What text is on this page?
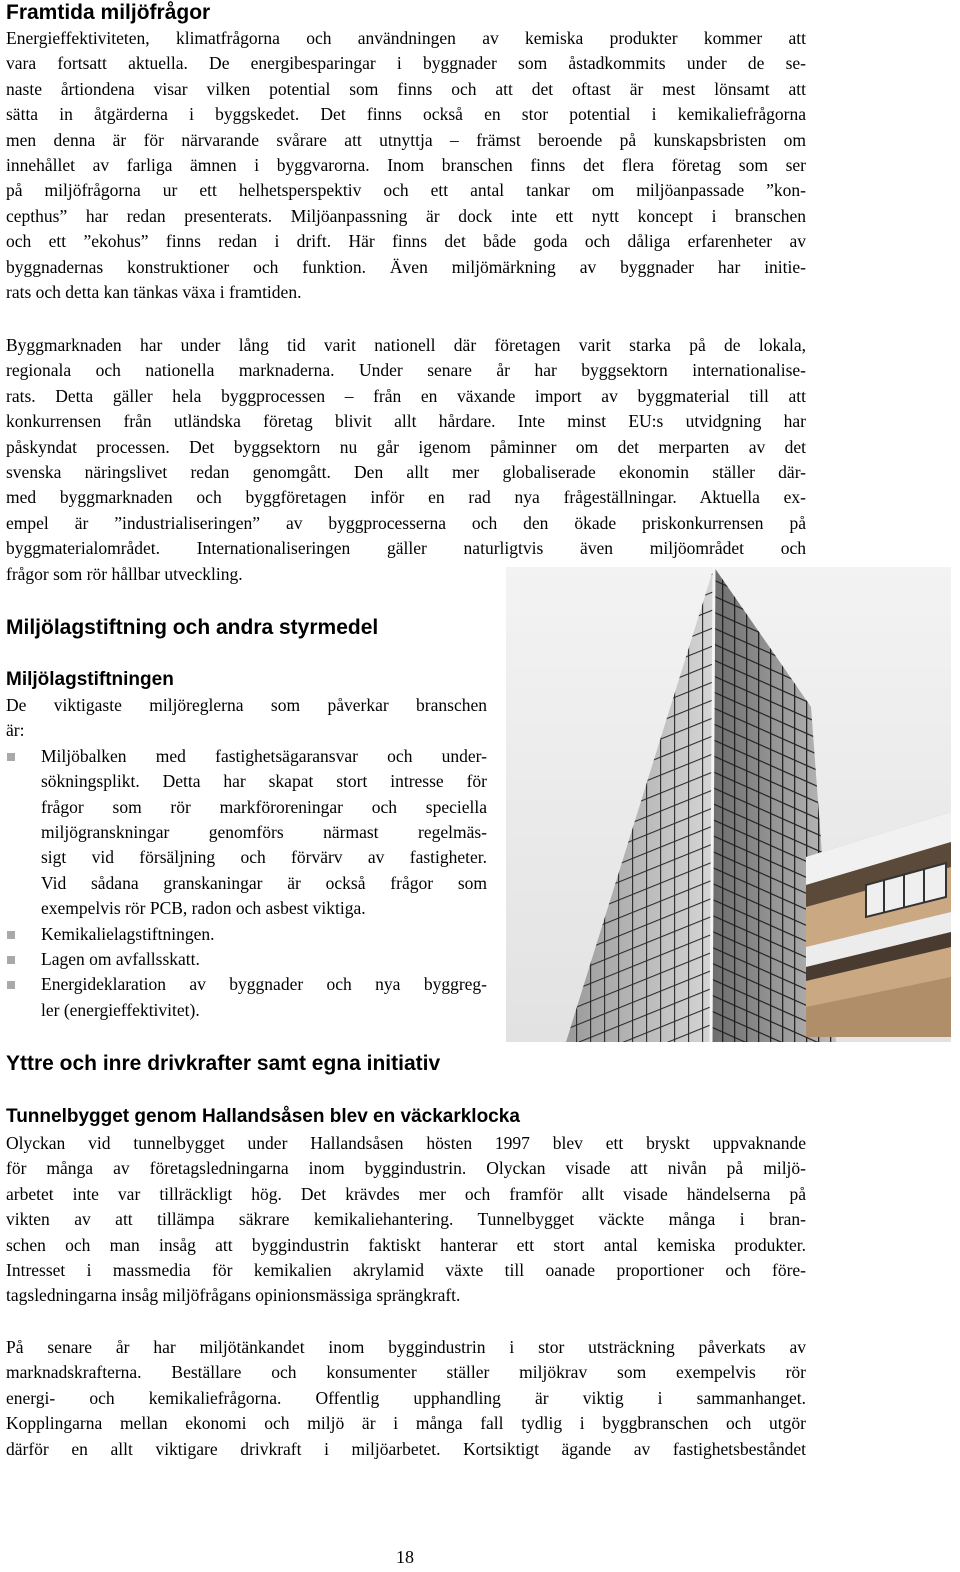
Framtida miljöfrågor
Energieffektiviteten, klimatfrågorna och användningen av kemiska produkter kommer att
vara fortsatt aktuella. De energibesparingar i byggnader som åstadkommits under de se-
naste årtiondena visar vilken potential som finns och att det oftast är mest lönsamt att
sätta in åtgärderna i byggskedet. Det finns också en stor potential i kemikaliefrågorna
men denna är för närvarande svårare att utnyttja – främst beroende på kunskapsbristen om
innehållet av farliga ämnen i byggvarorna. Inom branschen finns det flera företag som ser
på miljöfrågorna ur ett helhetsperspektiv och ett antal tankar om miljöanpassade ”kon-
cepthus” har redan presenterats. Miljöanpassning är dock inte ett nytt koncept i branschen
och ett ”ekohus” finns redan i drift. Här finns det både goda och dåliga erfarenheter av
byggnadernas konstruktioner och funktion. Även miljömärkning av byggnader har initie-
rats och detta kan tänkas växa i framtiden.
Byggmarknaden har under lång tid varit nationell där företagen varit starka på de lokala,
regionala och nationella marknaderna. Under senare år har byggsektorn internationalise-
rats. Detta gäller hela byggprocessen – från en växande import av byggmaterial till att
konkurrensen från utländska företag blivit allt hårdare. Inte minst EU:s utvidgning har
påskyndat processen. Det byggsektorn nu går igenom påminner om det merparten av det
svenska näringslivet redan genomgått. Den allt mer globaliserade ekonomin ställer där-
med byggmarknaden och byggföretagen inför en rad nya frågeställningar. Aktuella ex-
empel är ”industrialiseringen” av byggprocesserna och den ökade priskonkurrensen på
byggmaterialområdet. Internationaliseringen gäller naturligtvis även miljöområdet och
frågor som rör hållbar utveckling.
Miljölagstiftning och andra styrmedel
Miljölagstiftningen
De viktigaste miljöreglerna som påverkar branschen
är:
Miljöbalken med fastighetsägaransvar och under-
sökningsplikt. Detta har skapat stort intresse för
frågor som rör markföroreningar och speciella
miljögranskningar genomförs närmast regelmäs-
sigt vid försäljning och förvärv av fastigheter.
Vid sådana granskaningar är också frågor som
exempelvis rör PCB, radon och asbest viktiga.
Kemikalielagstiftningen.
Lagen om avfallsskatt.
Energideklaration av byggnader och nya byggreg-
ler (energieffektivitet).
Yttre och inre drivkrafter samt egna initiativ
Tunnelbygget genom Hallandsåsen blev en väckarklocka
Olyckan vid tunnelbygget under Hallandsåsen hösten 1997 blev ett bryskt uppvaknande
för många av företagsledningarna inom byggindustrin. Olyckan visade att nivån på miljö-
arbetet inte var tillräckligt hög. Det krävdes mer och framför allt visade händelserna på
vikten av att tillämpa säkrare kemikaliehantering. Tunnelbygget väckte många i bran-
schen och man insåg att byggindustrin faktiskt hanterar ett stort antal kemiska produkter.
Intresset i massmedia för kemikalien akrylamid växte till oanade proportioner och före-
tagsledningarna insåg miljöfrågans opinionsmässiga sprängkraft.
På senare år har miljötänkandet inom byggindustrin i stor utsträckning påverkats av
marknadskrafterna. Beställare och konsumenter ställer miljökrav som exempelvis rör
energi- och kemikaliefrågorna. Offentlig upphandling är viktig i sammanhanget.
Kopplingarna mellan ekonomi och miljö är i många fall tydlig i byggbranschen och utgör
därför en allt viktigare drivkraft i miljöarbetet. Kortsiktigt ägande av fastighetsbeståndet

18
